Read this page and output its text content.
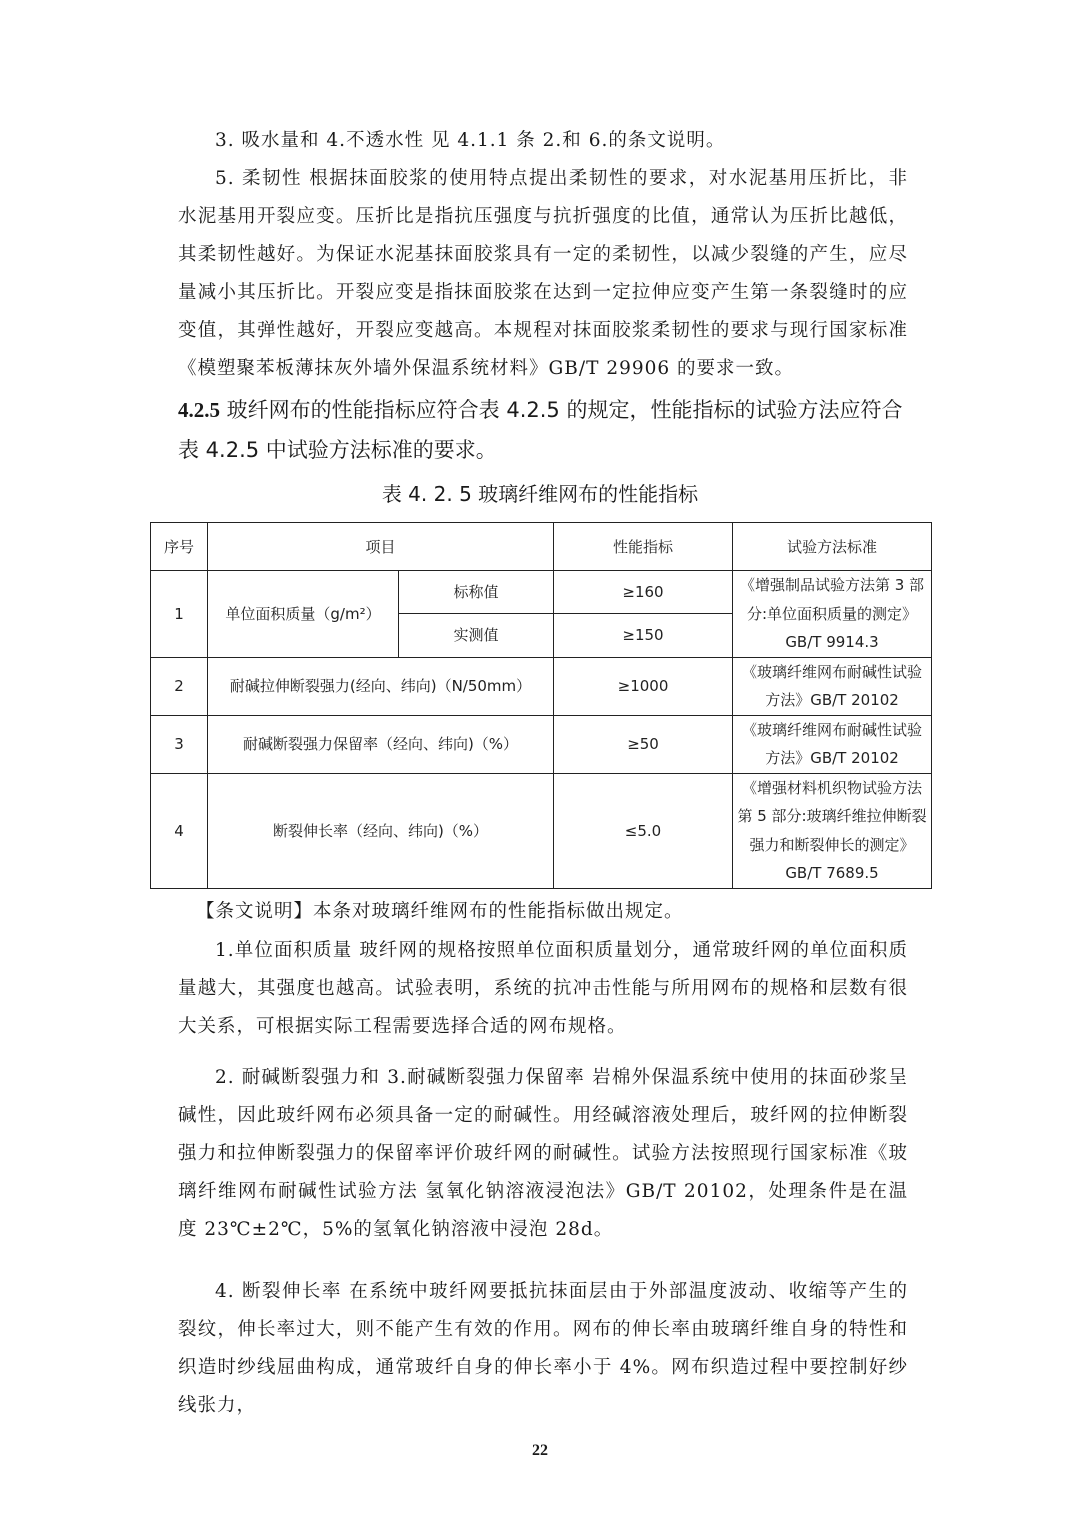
3. 吸水量和 4.不透水性 见 4.1.1 条 2.和 6.的条文说明。

5. 柔韧性 根据抹面胶浆的使用特点提出柔韧性的要求，对水泥基用压折比，非水泥基用开裂应变。压折比是指抗压强度与抗折强度的比值，通常认为压折比越低，其柔韧性越好。为保证水泥基抹面胶浆具有一定的柔韧性，以减少裂缝的产生，应尽量减小其压折比。开裂应变是指抹面胶浆在达到一定拉伸应变产生第一条裂缝时的应变值，其弹性越好，开裂应变越高。本规程对抹面胶浆柔韧性的要求与现行国家标准《模塑聚苯板薄抹灰外墙外保温系统材料》GB/T 29906 的要求一致。

4.2.5 玻纤网布的性能指标应符合表 4.2.5 的规定，性能指标的试验方法应符合表 4.2.5 中试验方法标准的要求。

表 4. 2. 5 玻璃纤维网布的性能指标
序号	项目		性能指标	试验方法标准
1	单位面积质量（g/m²）	标称值	≥160	《增强制品试验方法第 3 部分:单位面积质量的测定》GB/T 9914.3
		实测值	≥150	
2	耐碱拉伸断裂强力(经向、纬向)（N/50mm）		≥1000	《玻璃纤维网布耐碱性试验方法》GB/T 20102
3	耐碱断裂强力保留率（经向、纬向)（%）		≥50	《玻璃纤维网布耐碱性试验方法》GB/T 20102
4	断裂伸长率（经向、纬向)（%）		≤5.0	《增强材料机织物试验方法第 5 部分:玻璃纤维拉伸断裂强力和断裂伸长的测定》GB/T 7689.5

【条文说明】本条对玻璃纤维网布的性能指标做出规定。

1.单位面积质量 玻纤网的规格按照单位面积质量划分，通常玻纤网的单位面积质量越大，其强度也越高。试验表明，系统的抗冲击性能与所用网布的规格和层数有很大关系，可根据实际工程需要选择合适的网布规格。

2. 耐碱断裂强力和 3.耐碱断裂强力保留率 岩棉外保温系统中使用的抹面砂浆呈碱性，因此玻纤网布必须具备一定的耐碱性。用经碱溶液处理后，玻纤网的拉伸断裂强力和拉伸断裂强力的保留率评价玻纤网的耐碱性。试验方法按照现行国家标准《玻璃纤维网布耐碱性试验方法 氢氧化钠溶液浸泡法》GB/T 20102，处理条件是在温度 23℃±2℃，5%的氢氧化钠溶液中浸泡 28d。

4. 断裂伸长率 在系统中玻纤网要抵抗抹面层由于外部温度波动、收缩等产生的裂纹，伸长率过大，则不能产生有效的作用。网布的伸长率由玻璃纤维自身的特性和织造时纱线屈曲构成，通常玻纤自身的伸长率小于 4%。网布织造过程中要控制好纱线张力，

22
